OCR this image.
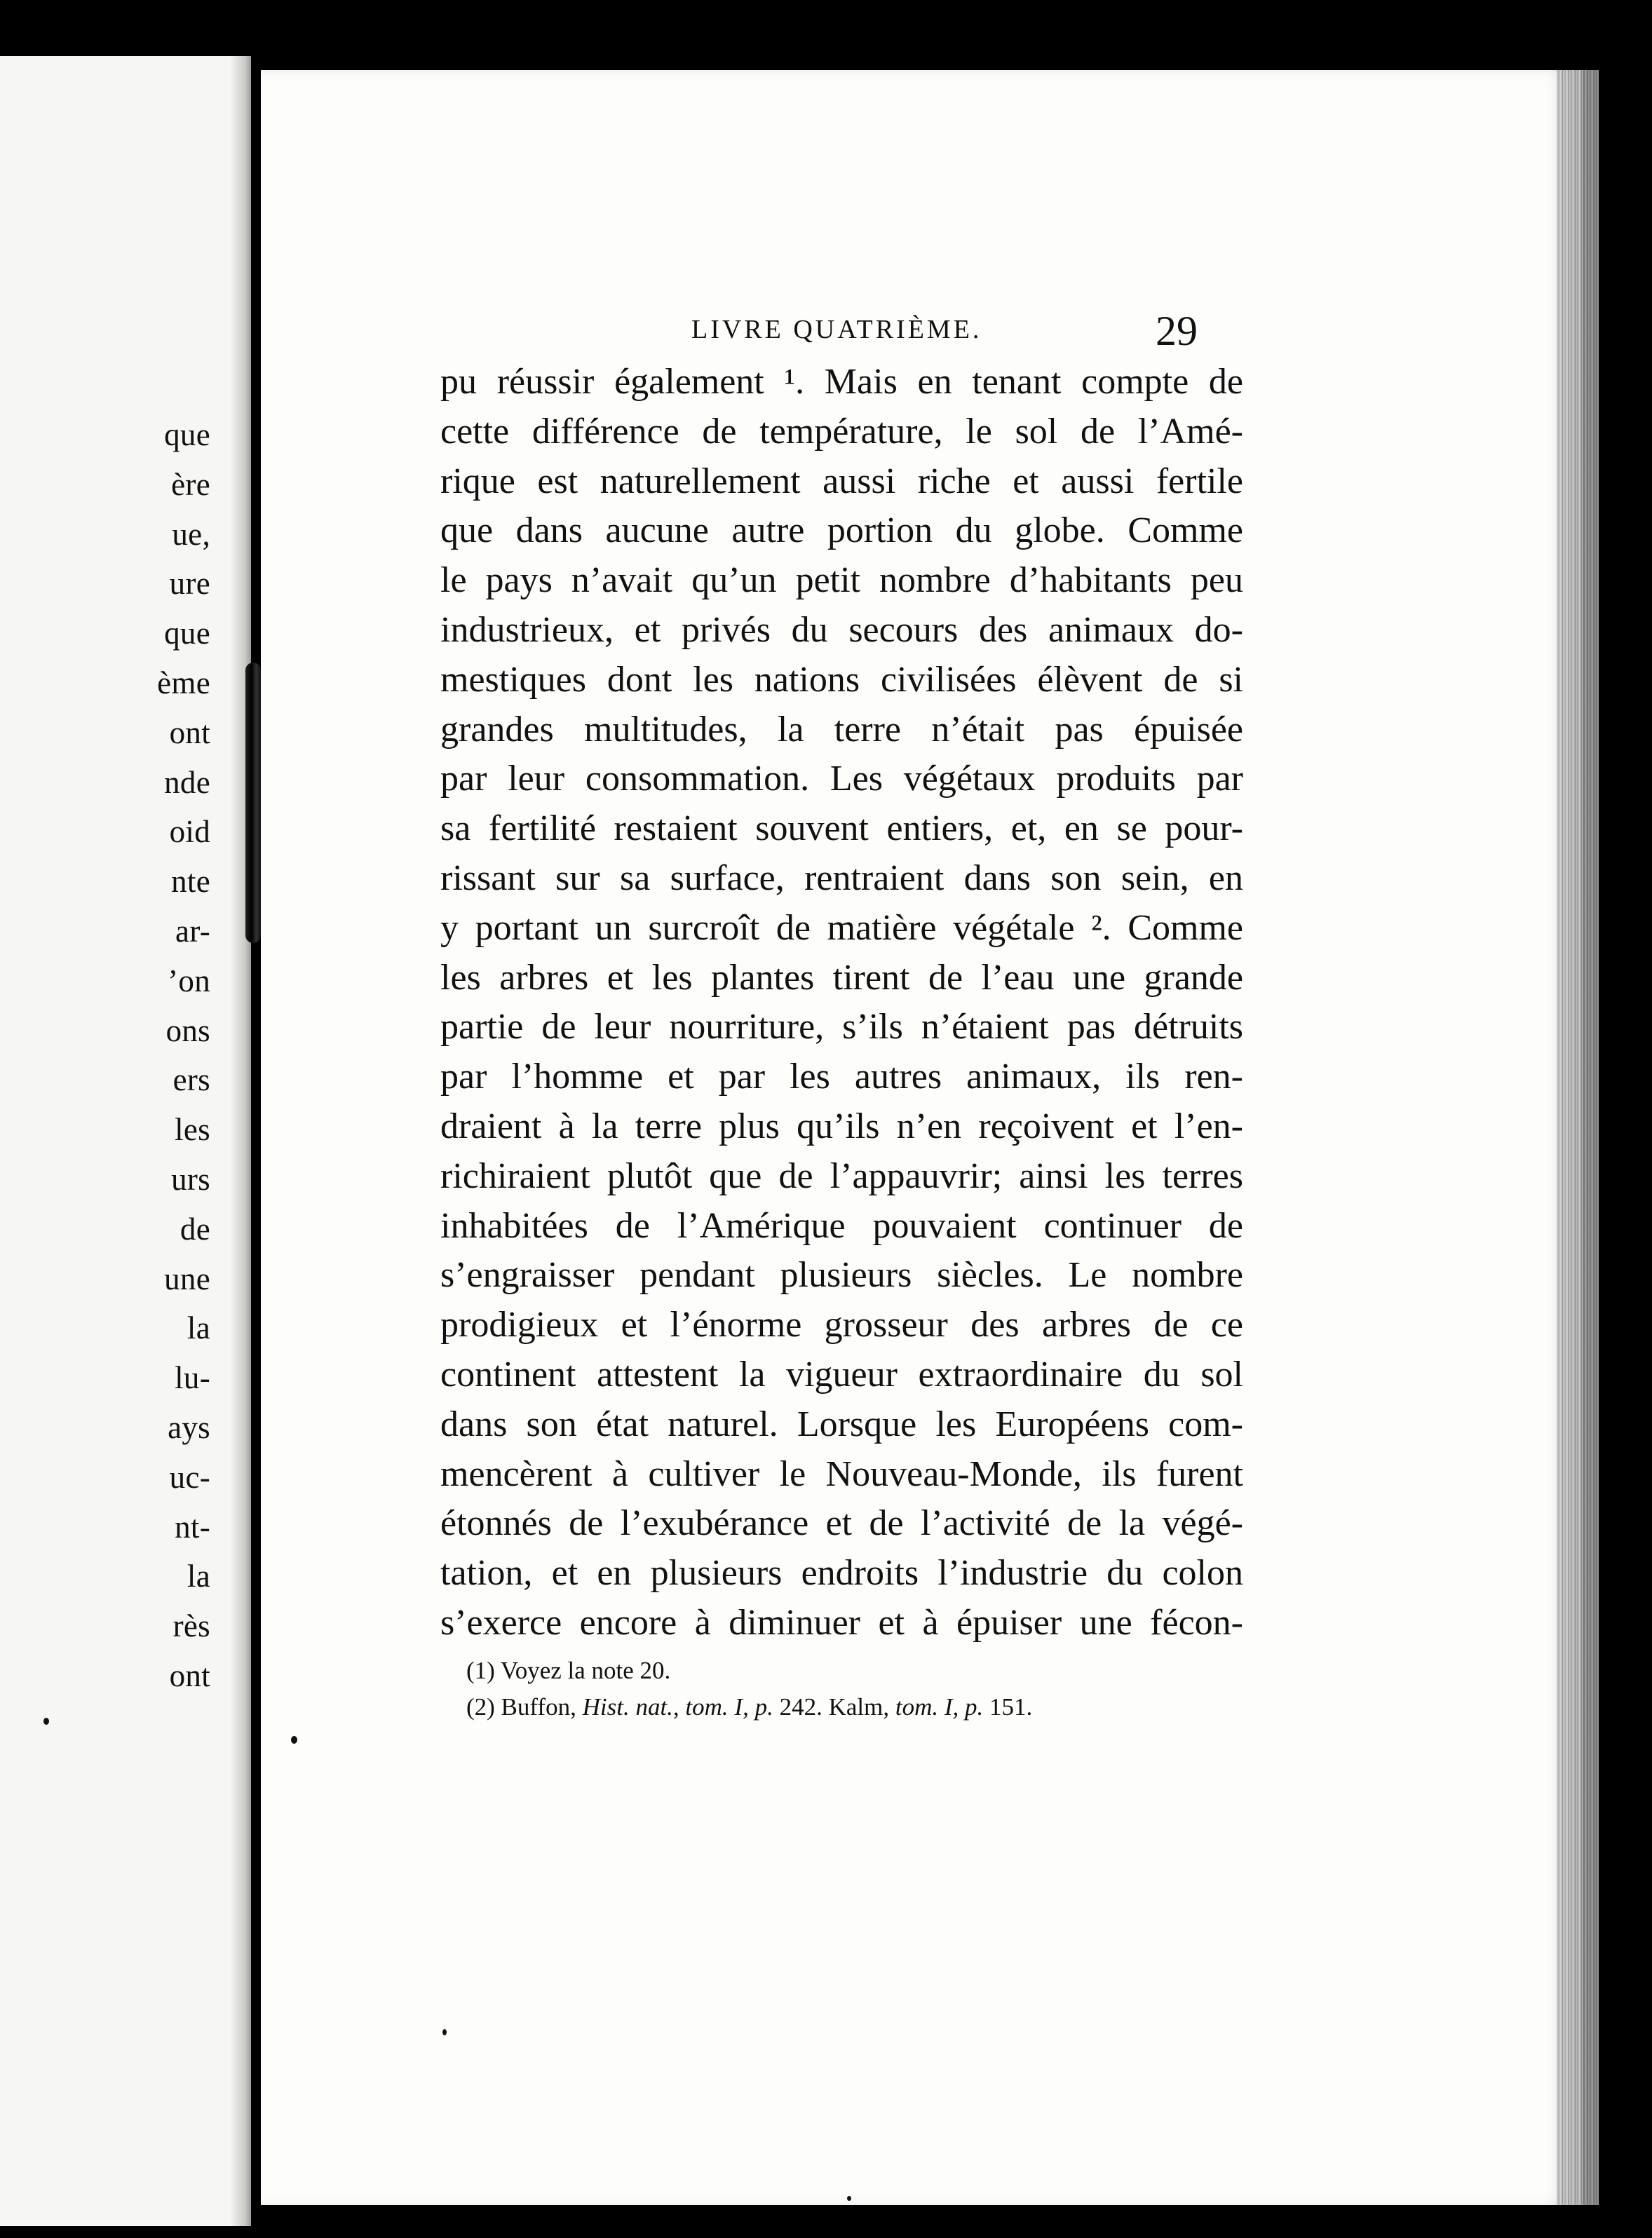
que
ère
ue,
ure
que
ème
ont
nde
oid
nte
ar-
’on
ons
ers
les
urs
de
une
la
lu-
ays
uc-
nt-
la
rès
ont
LIVRE QUATRIÈME.	29
pu réussir également ¹. Mais en tenant compte de
cette différence de température, le sol de l’Amé-
rique est naturellement aussi riche et aussi fertile
que dans aucune autre portion du globe. Comme
le pays n’avait qu’un petit nombre d’habitants peu
industrieux, et privés du secours des animaux do-
mestiques dont les nations civilisées élèvent de si
grandes multitudes, la terre n’était pas épuisée
par leur consommation. Les végétaux produits par
sa fertilité restaient souvent entiers, et, en se pour-
rissant sur sa surface, rentraient dans son sein, en
y portant un surcroît de matière végétale ². Comme
les arbres et les plantes tirent de l’eau une grande
partie de leur nourriture, s’ils n’étaient pas détruits
par l’homme et par les autres animaux, ils ren-
draient à la terre plus qu’ils n’en reçoivent et l’en-
richiraient plutôt que de l’appauvrir; ainsi les terres
inhabitées de l’Amérique pouvaient continuer de
s’engraisser pendant plusieurs siècles. Le nombre
prodigieux et l’énorme grosseur des arbres de ce
continent attestent la vigueur extraordinaire du sol
dans son état naturel. Lorsque les Européens com-
mencèrent à cultiver le Nouveau-Monde, ils furent
étonnés de l’exubérance et de l’activité de la végé-
tation, et en plusieurs endroits l’industrie du colon
s’exerce encore à diminuer et à épuiser une fécon-
(1) Voyez la note 20.
(2) Buffon, Hist. nat., tom. I, p. 242. Kalm, tom. I, p. 151.
